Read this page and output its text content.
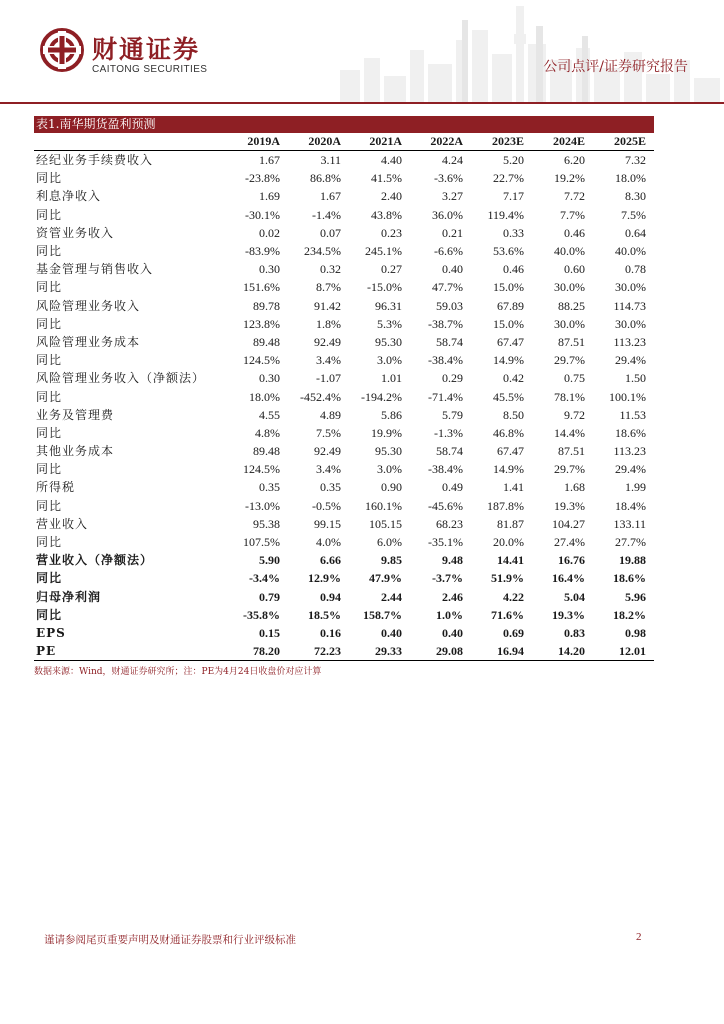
财通证券
CAITONG SECURITIES	公司点评/证券研究报告
表1.南华期货盈利预测
	2019A	2020A	2021A	2022A	2023E	2024E	2025E
经纪业务手续费收入	1.67	3.11	4.40	4.24	5.20	6.20	7.32
同比	-23.8%	86.8%	41.5%	-3.6%	22.7%	19.2%	18.0%
利息净收入	1.69	1.67	2.40	3.27	7.17	7.72	8.30
同比	-30.1%	-1.4%	43.8%	36.0%	119.4%	7.7%	7.5%
资管业务收入	0.02	0.07	0.23	0.21	0.33	0.46	0.64
同比	-83.9%	234.5%	245.1%	-6.6%	53.6%	40.0%	40.0%
基金管理与销售收入	0.30	0.32	0.27	0.40	0.46	0.60	0.78
同比	151.6%	8.7%	-15.0%	47.7%	15.0%	30.0%	30.0%
风险管理业务收入	89.78	91.42	96.31	59.03	67.89	88.25	114.73
同比	123.8%	1.8%	5.3%	-38.7%	15.0%	30.0%	30.0%
风险管理业务成本	89.48	92.49	95.30	58.74	67.47	87.51	113.23
同比	124.5%	3.4%	3.0%	-38.4%	14.9%	29.7%	29.4%
风险管理业务收入（净额法）	0.30	-1.07	1.01	0.29	0.42	0.75	1.50
同比	18.0%	-452.4%	-194.2%	-71.4%	45.5%	78.1%	100.1%
业务及管理费	4.55	4.89	5.86	5.79	8.50	9.72	11.53
同比	4.8%	7.5%	19.9%	-1.3%	46.8%	14.4%	18.6%
其他业务成本	89.48	92.49	95.30	58.74	67.47	87.51	113.23
同比	124.5%	3.4%	3.0%	-38.4%	14.9%	29.7%	29.4%
所得税	0.35	0.35	0.90	0.49	1.41	1.68	1.99
同比	-13.0%	-0.5%	160.1%	-45.6%	187.8%	19.3%	18.4%
营业收入	95.38	99.15	105.15	68.23	81.87	104.27	133.11
同比	107.5%	4.0%	6.0%	-35.1%	20.0%	27.4%	27.7%
营业收入（净额法）	5.90	6.66	9.85	9.48	14.41	16.76	19.88
同比	-3.4%	12.9%	47.9%	-3.7%	51.9%	16.4%	18.6%
归母净利润	0.79	0.94	2.44	2.46	4.22	5.04	5.96
同比	-35.8%	18.5%	158.7%	1.0%	71.6%	19.3%	18.2%
EPS	0.15	0.16	0.40	0.40	0.69	0.83	0.98
PE	78.20	72.23	29.33	29.08	16.94	14.20	12.01
数据来源：Wind，财通证券研究所；注：PE为4月24日收盘价对应计算
谨请参阅尾页重要声明及财通证券股票和行业评级标准	2
